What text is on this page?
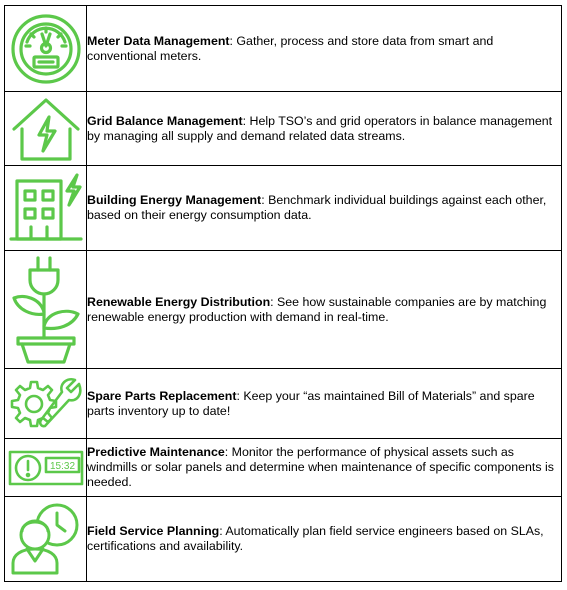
	Meter Data Management: Gather, process and store data from smart and conventional meters.

	Grid Balance Management: Help TSO’s and grid operators in balance management by managing all supply and demand related data streams.

	Building Energy Management: Benchmark individual buildings against each other, based on their energy consumption data.

	Renewable Energy Distribution: See how sustainable companies are by matching renewable energy production with demand in real-time.

	Spare Parts Replacement: Keep your “as maintained Bill of Materials” and spare parts inventory up to date!

15:32	Predictive Maintenance: Monitor the performance of physical assets such as windmills or solar panels and determine when maintenance of specific components is needed.

	Field Service Planning: Automatically plan field service engineers based on SLAs, certifications and availability.
